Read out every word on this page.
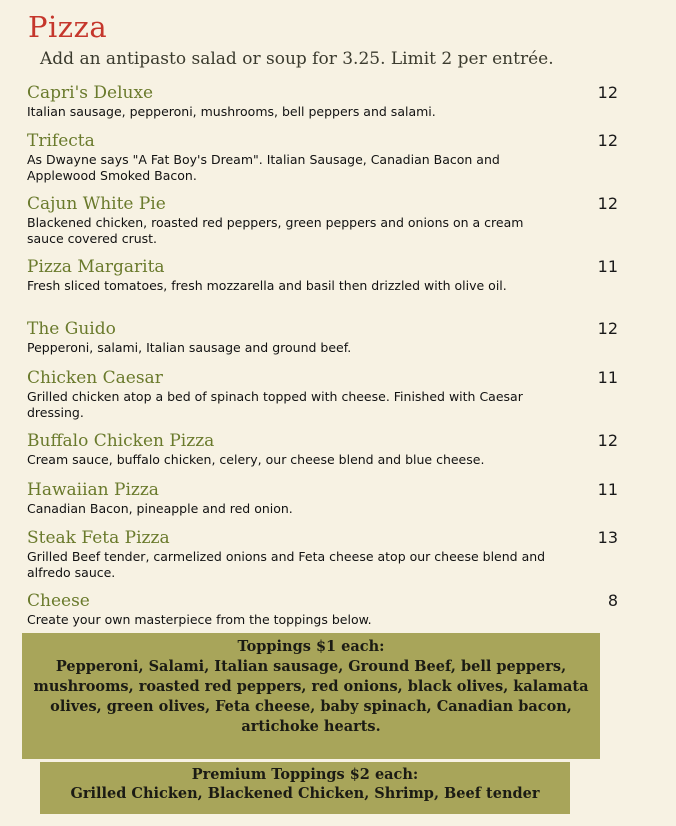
Pizza
Add an antipasto salad or soup for 3.25. Limit 2 per entrée.
Capri's Deluxe	12
Italian sausage, pepperoni, mushrooms, bell peppers and salami.
Trifecta	12
As Dwayne says "A Fat Boy's Dream". Italian Sausage, Canadian Bacon and Applewood Smoked Bacon.
Cajun White Pie	12
Blackened chicken, roasted red peppers, green peppers and onions on a cream sauce covered crust.
Pizza Margarita	11
Fresh sliced tomatoes, fresh mozzarella and basil then drizzled with olive oil.
The Guido	12
Pepperoni, salami, Italian sausage and ground beef.
Chicken Caesar	11
Grilled chicken atop a bed of spinach topped with cheese. Finished with Caesar dressing.
Buffalo Chicken Pizza	12
Cream sauce, buffalo chicken, celery, our cheese blend and blue cheese.
Hawaiian Pizza	11
Canadian Bacon, pineapple and red onion.
Steak Feta Pizza	13
Grilled Beef tender, carmelized onions and Feta cheese atop our cheese blend and alfredo sauce.
Cheese	8
Create your own masterpiece from the toppings below.
Toppings $1 each:
Pepperoni, Salami, Italian sausage, Ground Beef, bell peppers, mushrooms, roasted red peppers, red onions, black olives, kalamata olives, green olives, Feta cheese, baby spinach, Canadian bacon, artichoke hearts.
Premium Toppings $2 each:
Grilled Chicken, Blackened Chicken, Shrimp, Beef tender
